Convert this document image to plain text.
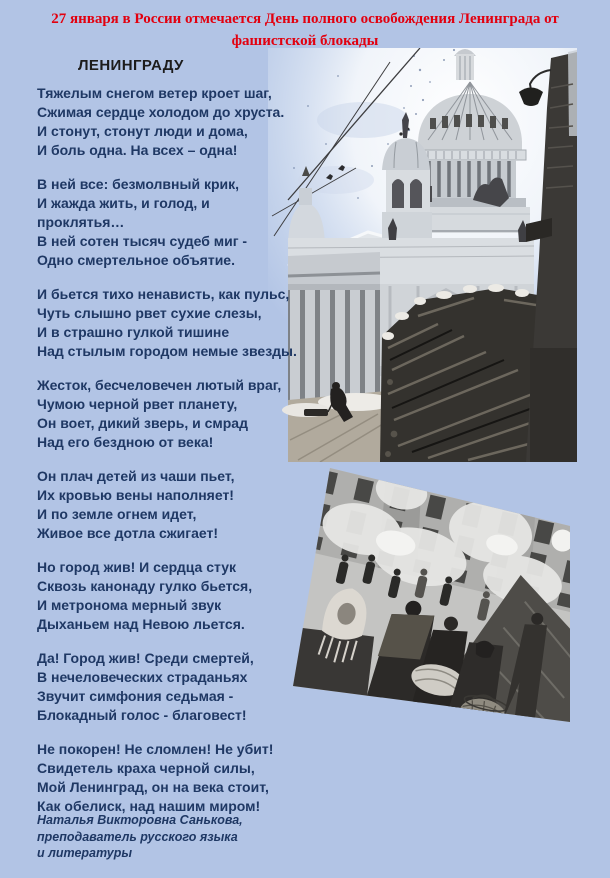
27 января в России отмечается День полного освобождения Ленинграда от
фашистской блокады
ЛЕНИНГРАДУ
Тяжелым снегом ветер кроет шаг,
Сжимая сердце холодом до хруста.
И стонут, стонут люди и дома,
И боль одна. На всех – одна!
В ней все: безмолвный крик,
И жажда жить, и голод, и проклятья…
В ней сотен тысяч судеб миг -
Одно смертельное объятие.
И бьется тихо ненависть, как пульс,
Чуть слышно рвет сухие слезы,
И в страшно гулкой тишине
Над стылым городом немые звезды.
Жесток, бесчеловечен лютый враг,
Чумою черной рвет планету,
Он воет, дикий зверь, и смрад
Над его бездною от века!
Он плач детей из чаши пьет,
Их кровью вены наполняет!
И по земле огнем идет,
Живое все дотла сжигает!
Но город жив! И сердца стук
Сквозь канонаду гулко бьется,
И метронома мерный звук
Дыханьем над Невою льется.
Да! Город жив! Среди смертей,
В нечеловеческих страданьях
Звучит симфония седьмая -
Блокадный голос - благовест!
Не покорен! Не сломлен! Не убит!
Свидетель краха черной силы,
Мой Ленинград, он на века стоит,
Как обелиск, над нашим миром!
Наталья Викторовна Санькова,
преподаватель русского языка
и литературы
